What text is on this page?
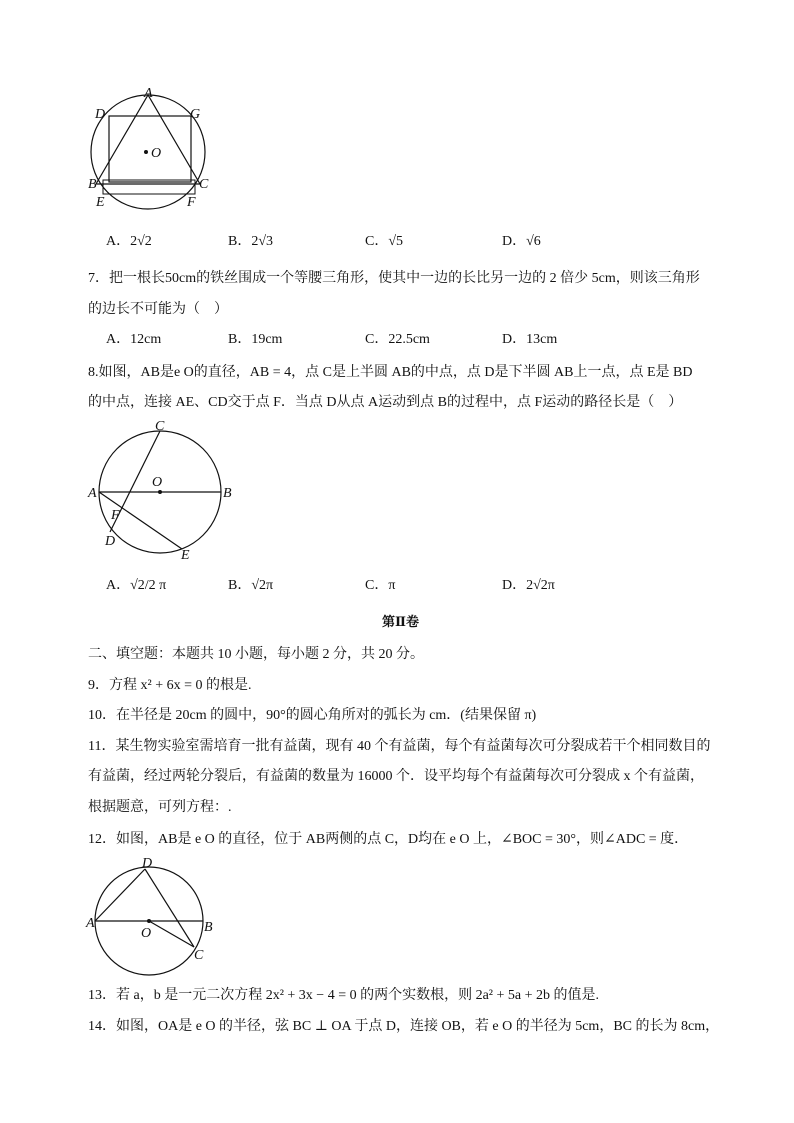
A
D	G
O
B	C
E	F
A．2√2	B．2√3	C．√5	D．√6
7．把一根长50cm的铁丝围成一个等腰三角形，使其中一边的长比另一边的 2 倍少 5cm，则该三角形
的边长不可能为（　）
A．12cm	B．19cm	C．22.5cm	D．13cm
8.如图，AB是e O的直径，AB = 4，点 C是上半圆 AB的中点，点 D是下半圆 AB上一点，点 E是 BD
的中点，连接 AE、CD交于点 F．当点 D从点 A运动到点 B的过程中，点 F运动的路径长是（　）
C
O
A	B
F
D
E
A．√2/2 π	B．√2π	C．π	D．2√2π
第Ⅱ卷
二、填空题：本题共 10 小题，每小题 2 分，共 20 分。
9．方程 x² + 6x = 0 的根是.
10．在半径是 20cm 的圆中，90°的圆心角所对的弧长为 cm．(结果保留 π)
11．某生物实验室需培育一批有益菌，现有 40 个有益菌，每个有益菌每次可分裂成若干个相同数目的
有益菌，经过两轮分裂后，有益菌的数量为 16000 个．设平均每个有益菌每次可分裂成 x 个有益菌，
根据题意，可列方程：.
12．如图，AB是 e O 的直径，位于 AB两侧的点 C，D均在 e O 上，∠BOC = 30°，则∠ADC = 度．
D
A
O	B
C
13．若 a，b 是一元二次方程 2x² + 3x − 4 = 0 的两个实数根，则 2a² + 5a + 2b 的值是.
14．如图，OA是 e O 的半径，弦 BC ⊥ OA 于点 D，连接 OB，若 e O 的半径为 5cm，BC 的长为 8cm，
